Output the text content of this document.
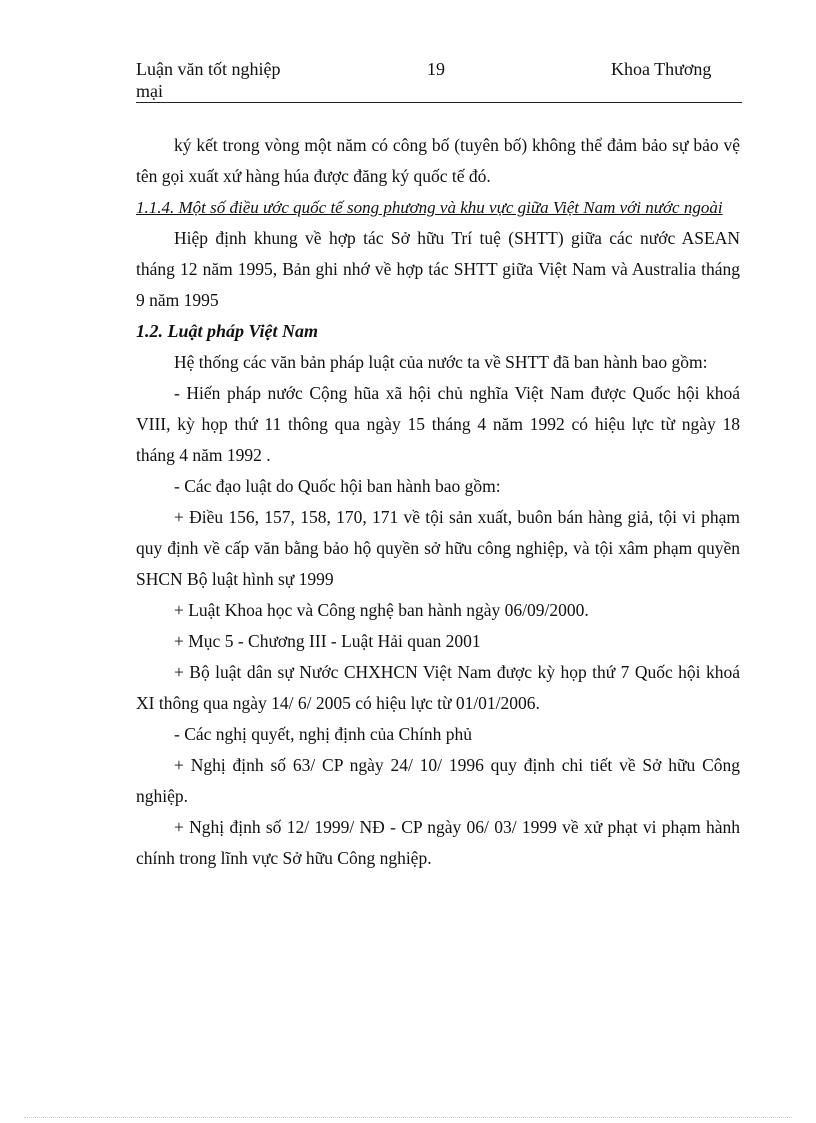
Luận văn tốt nghiệp
mại
19	Khoa Thương

ký kết trong vòng một năm có công bố (tuyên bố) không thể đảm bảo sự bảo vệ tên gọi xuất xứ hàng húa được đăng ký quốc tế đó.

1.1.4. Một số điều ước quốc tế song phương và khu vực giữa Việt Nam với nước ngoài

Hiệp định khung về hợp tác Sở hữu Trí tuệ (SHTT) giữa các nước ASEAN tháng 12 năm 1995, Bản ghi nhớ về hợp tác SHTT giữa Việt Nam và Australia tháng 9 năm 1995

1.2. Luật pháp Việt Nam

Hệ thống các văn bản pháp luật của nước ta về SHTT đã ban hành bao gồm:

- Hiến pháp nước Cộng hũa xã hội chủ nghĩa Việt Nam được Quốc hội khoá VIII, kỳ họp thứ 11 thông qua ngày 15 tháng 4 năm 1992 có hiệu lực từ ngày 18 tháng 4 năm 1992 .

- Các đạo luật do Quốc hội ban hành bao gồm:

+ Điều 156, 157, 158, 170, 171 về tội sản xuất, buôn bán hàng giả, tội vi phạm quy định về cấp văn bằng bảo hộ quyền sở hữu công nghiệp, và tội xâm phạm quyền SHCN Bộ luật hình sự 1999

+ Luật Khoa học và Công nghệ ban hành ngày 06/09/2000.

+ Mục 5 - Chương III - Luật Hải quan 2001

+ Bộ luật dân sự Nước CHXHCN Việt Nam được kỳ họp thứ 7 Quốc hội khoá XI thông qua ngày 14/ 6/ 2005 có hiệu lực từ 01/01/2006.

- Các nghị quyết, nghị định của Chính phủ

+ Nghị định số 63/ CP ngày 24/ 10/ 1996 quy định chi tiết về Sở hữu Công nghiệp.

+ Nghị định số 12/ 1999/ NĐ - CP ngày 06/ 03/ 1999 về xử phạt vi phạm hành chính trong lĩnh vực Sở hữu Công nghiệp.
